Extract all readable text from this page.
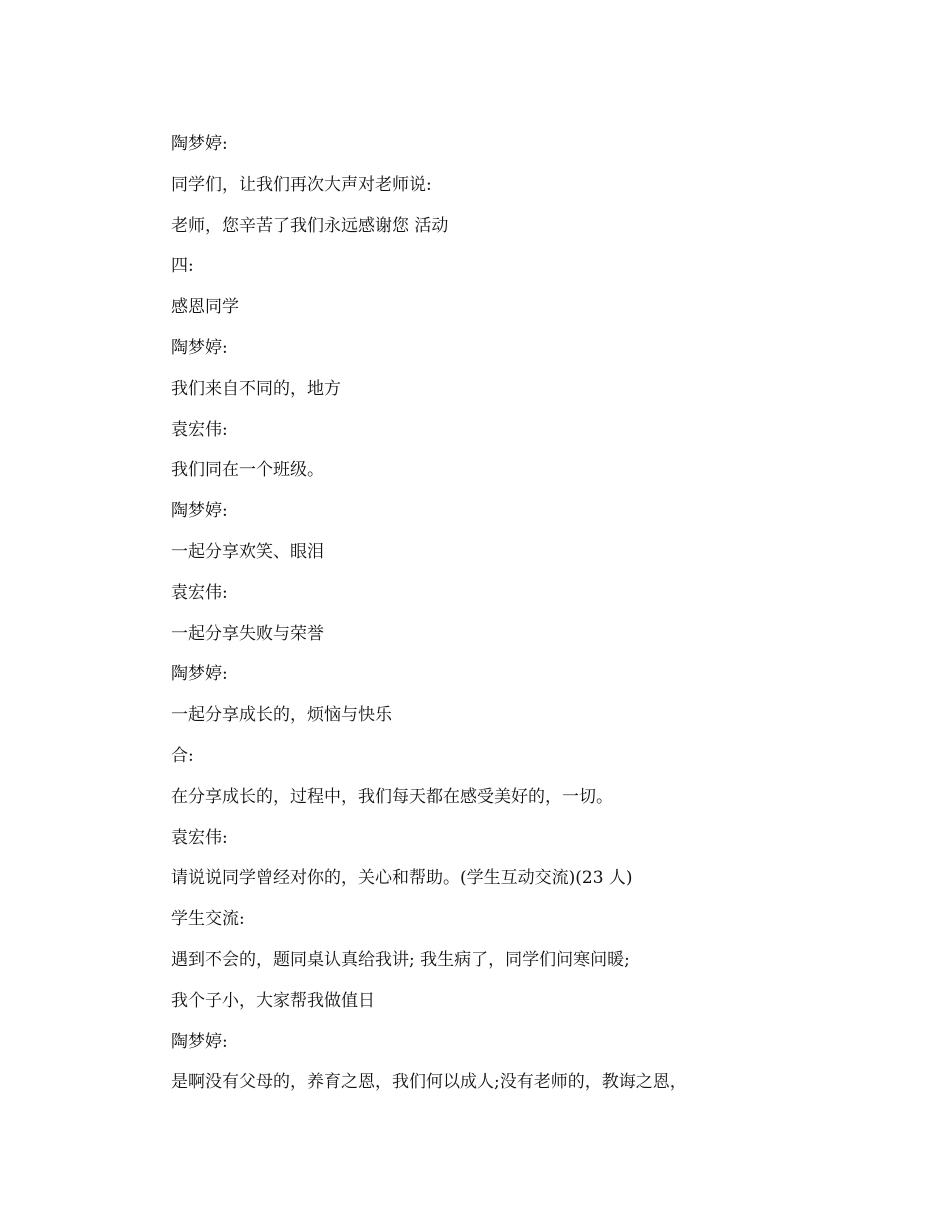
陶梦婷:

同学们，让我们再次大声对老师说:

老师，您辛苦了我们永远感谢您 活动

四:

感恩同学

陶梦婷:

我们来自不同的，地方

袁宏伟:

我们同在一个班级。

陶梦婷:

一起分享欢笑、眼泪

袁宏伟:

一起分享失败与荣誉

陶梦婷:

一起分享成长的，烦恼与快乐

合:

在分享成长的，过程中，我们每天都在感受美好的，一切。

袁宏伟:

请说说同学曾经对你的，关心和帮助。(学生互动交流)(23 人)

学生交流:

遇到不会的，题同桌认真给我讲; 我生病了，同学们问寒问暖;

我个子小，大家帮我做值日

陶梦婷:

是啊没有父母的，养育之恩，我们何以成人;没有老师的，教诲之恩，
